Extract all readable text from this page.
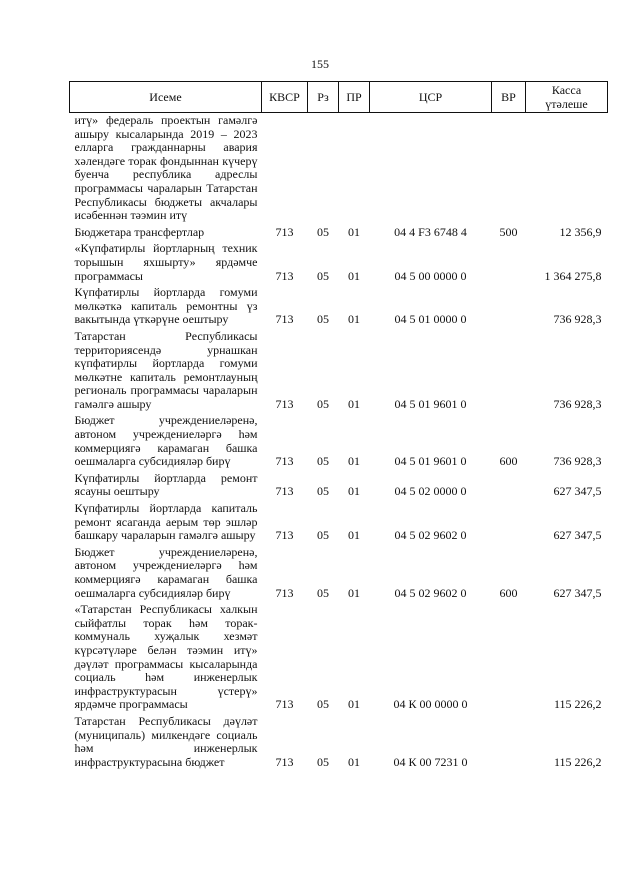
155
Исеме	КВСР	Рз	ПР	ЦСР	ВР	Касса
үтәлеше

итү» федераль проектын гамәлгә ашыру кысаларында 2019 – 2023 елларга гражданнарны авария хәлендәге торак фондыннан күчерү буенча республика адреслы программасы чараларын Татарстан Республикасы бюджеты акчалары исәбеннән тәэмин итү						
Бюджетара трансфертлар	713	05	01	04 4 F3 6748 4	500	12 356,9
«Күпфатирлы йортларның техник торышын яхшырту» ярдәмче программасы	713	05	01	04 5 00 0000 0		1 364 275,8
Күпфатирлы йортларда гомуми мөлкәткә капиталь ремонтны үз вакытында үткәрүне оештыру	713	05	01	04 5 01 0000 0		736 928,3
Татарстан Республикасы территориясендә урнашкан күпфатирлы йортларда гомуми мөлкәтне капиталь ремонтлауның региональ программасы чараларын гамәлгә ашыру	713	05	01	04 5 01 9601 0		736 928,3
Бюджет учреждениеләренә, автоном учреждениеләргә һәм коммерциягә карамаган башка оешмаларга субсидияләр бирү	713	05	01	04 5 01 9601 0	600	736 928,3
Күпфатирлы йортларда ремонт ясауны оештыру	713	05	01	04 5 02 0000 0		627 347,5
Күпфатирлы йортларда капиталь ремонт ясаганда аерым төр эшләр башкару чараларын гамәлгә ашыру	713	05	01	04 5 02 9602 0		627 347,5
Бюджет учреждениеләренә, автоном учреждениеләргә һәм коммерциягә карамаган башка оешмаларга субсидияләр бирү	713	05	01	04 5 02 9602 0	600	627 347,5
«Татарстан Республикасы халкын сыйфатлы торак һәм торак-коммуналь хуҗалык хезмәт күрсәтүләре белән тәэмин итү» дәүләт программасы кысаларында социаль һәм инженерлык инфраструктурасын үстерү» ярдәмче программасы	713	05	01	04 К 00 0000 0		115 226,2
Татарстан Республикасы дәүләт (муниципаль) милкендәге социаль һәм инженерлык инфраструктурасына бюджет	713	05	01	04 К 00 7231 0		115 226,2
